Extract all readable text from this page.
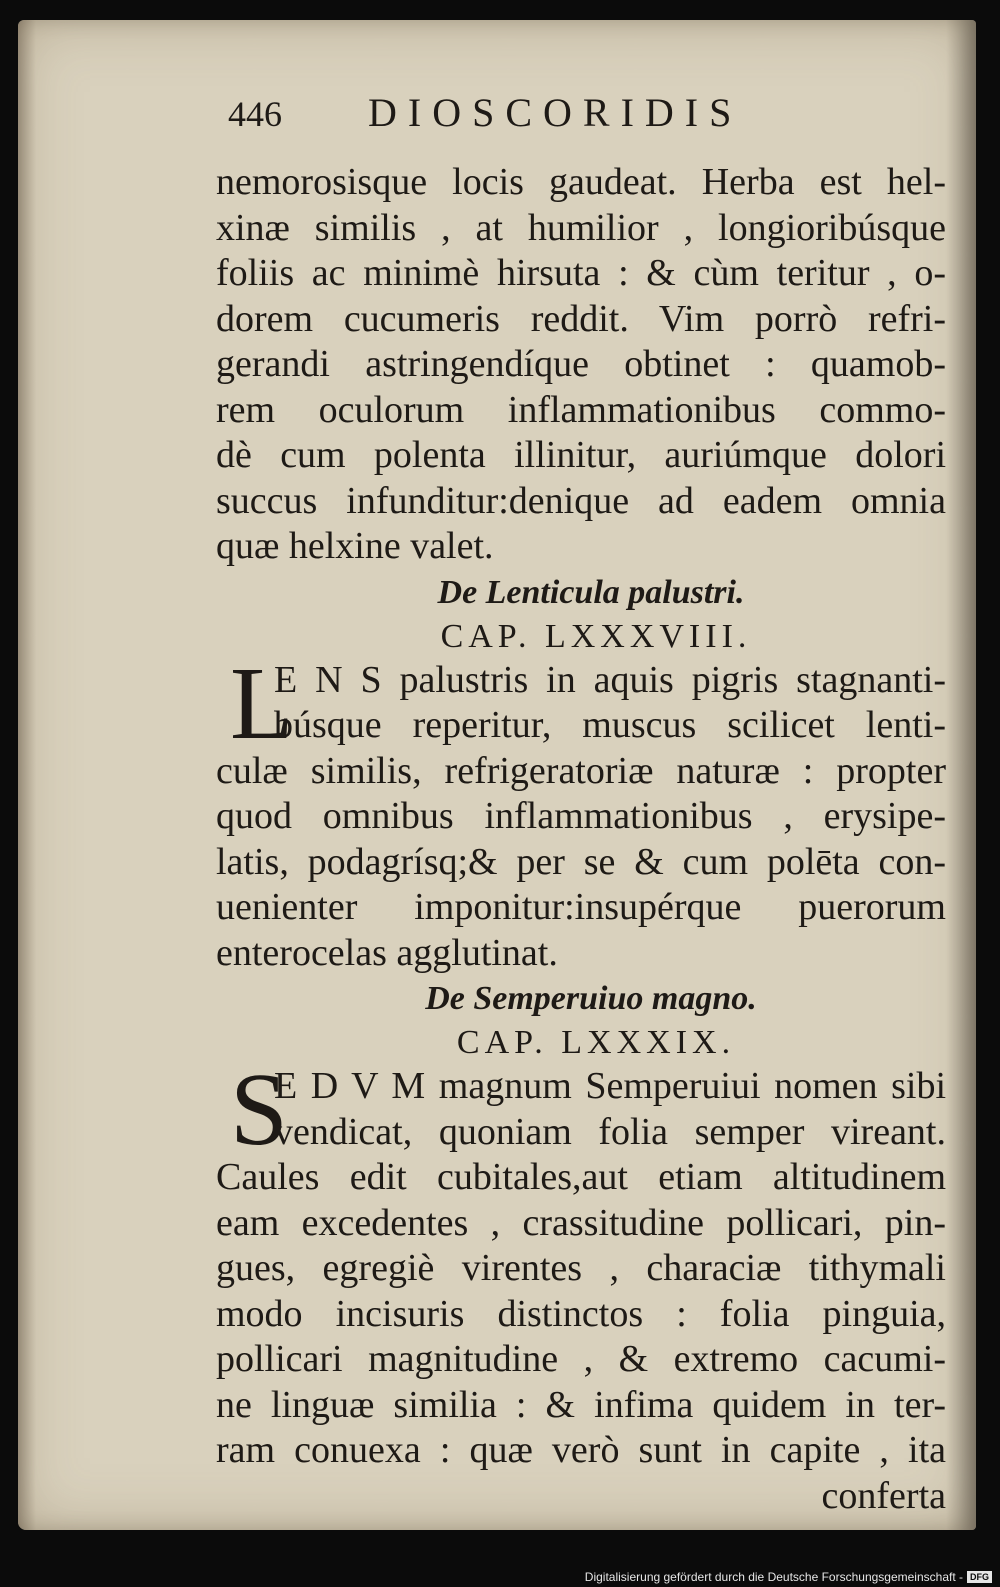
446	DIOSCORIDIS
nemorosisque locis gaudeat. Herba est hel-
xinæ similis , at humilior , longioribúsque
foliis ac minimè hirsuta : & cùm teritur , o-
dorem cucumeris reddit. Vim porrò refri-
gerandi astringendíque obtinet : quamob-
rem oculorum inflammationibus commo-
dè cum polenta illinitur, auriúmque dolori
succus infunditur:denique ad eadem omnia
quæ helxine valet.
De Lenticula palustri.
CAP. LXXXVIII.
L
E N S palustris in aquis pigris stagnanti-
búsque reperitur, muscus scilicet lenti-
culæ similis, refrigeratoriæ naturæ : propter
quod omnibus inflammationibus , erysipe-
latis, podagrísq;& per se & cum polēta con-
uenienter imponitur:insupérque puerorum
enterocelas agglutinat.
De Semperuiuo magno.
CAP. LXXXIX.
S
E D V M magnum Semperuiui nomen sibi
vendicat, quoniam folia semper vireant.
Caules edit cubitales,aut etiam altitudinem
eam excedentes , crassitudine pollicari, pin-
gues, egregiè virentes , characiæ tithymali
modo incisuris distinctos : folia pinguia,
pollicari magnitudine , & extremo cacumi-
ne linguæ similia : & infima quidem in ter-
ram conuexa : quæ verò sunt in capite , ita
conferta
Digitalisierung gefördert durch die Deutsche Forschungsgemeinschaft - DFG
